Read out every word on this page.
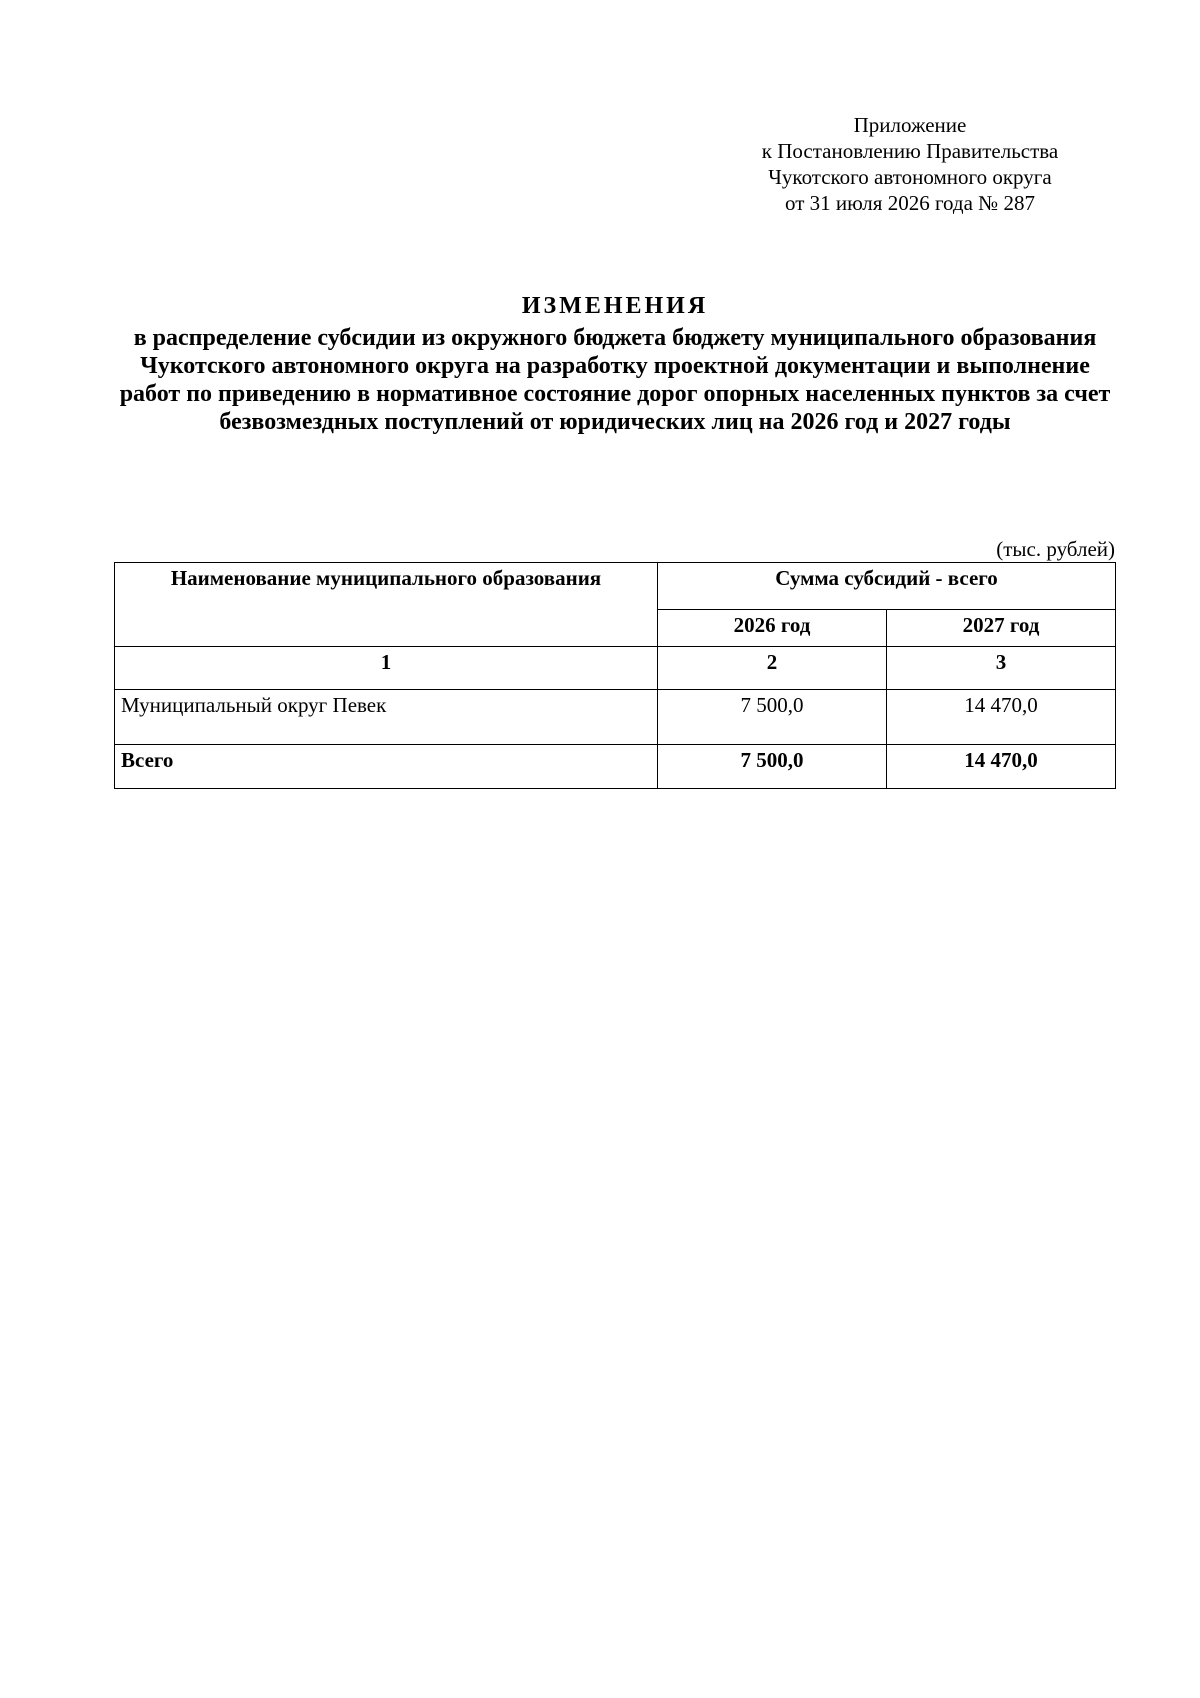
Приложение
к Постановлению Правительства
Чукотского автономного округа
от 31 июля 2026 года № 287
ИЗМЕНЕНИЯ
в распределение субсидии из окружного бюджета бюджету муниципального образования Чукотского автономного округа на разработку проектной документации и выполнение работ по приведению в нормативное состояние дорог опорных населенных пунктов за счет безвозмездных поступлений от юридических лиц на 2026 год и 2027 годы
(тыс. рублей)
Наименование муниципального образования	Сумма субсидий - всего	
	2026 год	2027 год
1	2	3
Муниципальный округ Певек	7 500,0	14 470,0
Всего	7 500,0	14 470,0
